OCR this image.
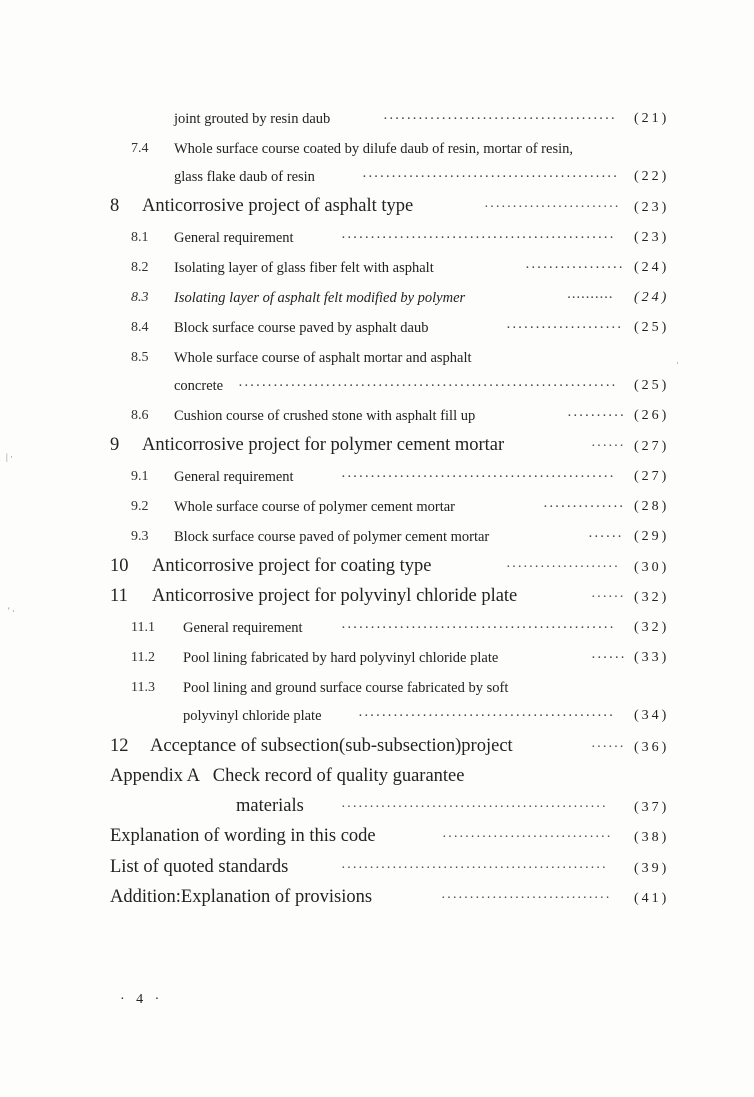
joint grouted by resin daub	········································	(21)
7.4 Whole surface course coated by dilufe daub of resin, mortar of resin,
glass flake daub of resin	············································	(22)
8 Anticorrosive project of asphalt type	························	(23)
8.1 General requirement	···············································	(23)
8.2 Isolating layer of glass fiber felt with asphalt	················· (24)
8.3 Isolating layer of asphalt felt modified by polymer	··········	(24)
8.4 Block surface course paved by asphalt daub	···················· (25)
8.5 Whole surface course of asphalt mortar and asphalt
concrete ·································································	(25)
8.6 Cushion course of crushed stone with asphalt fill up	·········· (26)
9 Anticorrosive project for polymer cement mortar	······ (27)
9.1 General requirement	···············································	(27)
9.2 Whole surface course of polymer cement mortar	·············· (28)
9.3 Block surface course paved of polymer cement mortar	······ (29)
10 Anticorrosive project for coating type	····················	(30)
11 Anticorrosive project for polyvinyl chloride plate	······ (32)
11.1 General requirement	···············································	(32)
11.2 Pool lining fabricated by hard polyvinyl chloride plate	······ (33)
11.3 Pool lining and ground surface course fabricated by soft
polyvinyl chloride plate	············································	(34)
12 Acceptance of subsection(sub-subsection)project	······ (36)
Appendix A   Check record of quality guarantee
materials	···············································	(37)
Explanation of wording in this code	······························	(38)
List of quoted standards	···············································	(39)
Addition:Explanation of provisions	······························	(41)
| ·
' ·
·
· 4 ·
